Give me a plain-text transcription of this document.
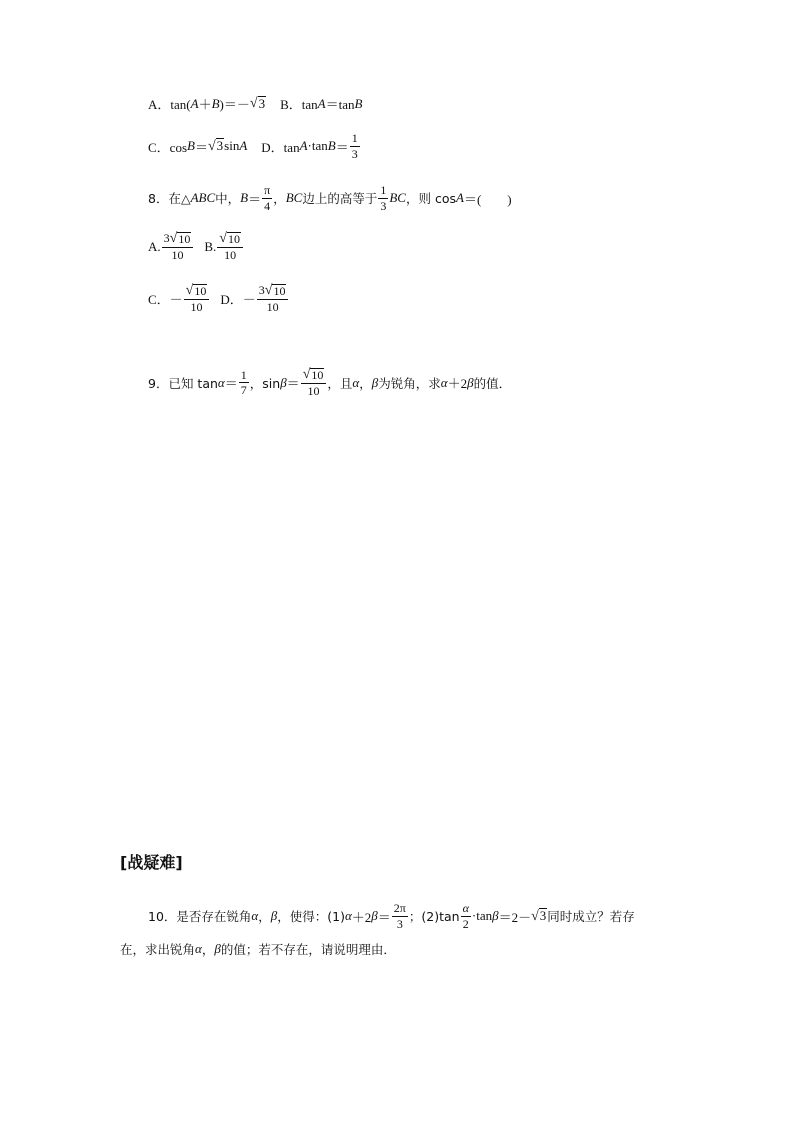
A．tan( A ＋ B )＝－ √ 3 B．tan A ＝tan B
C．cos B ＝ √ 3 sin A D．tan A ·tan $B = \frac{1}{3}$
8．在△ ABC 中， $B = \frac{\pi}{4}$ ， BC 边上的高等于 $\frac{1}{3}$ BC ，则 cos A ＝(　　)
A. $\frac{3 √ 10}{10} B$. $\frac{√ 10}{10}$
C．－ $\frac{√ 10}{10}$ D．－ $\frac{3 √ 10}{10}$
9．已知 $\tan \alpha = \frac{1}{7}$ ，$\sin \beta = \frac{√ 10}{10}$ ，且 α ， β 为锐角，求 α ＋2 β 的值．
[战疑难]
10．是否存在锐角 α ， β ，使得：(1) α ＋2 $\beta = \frac{2\pi}{3}$ ；$(2)\tan \frac{\alpha}{2} \cdot\tan$ β ＝2－ √ 3 同时成立？若存
在，求出锐角 α ， β 的值；若不存在，请说明理由．
